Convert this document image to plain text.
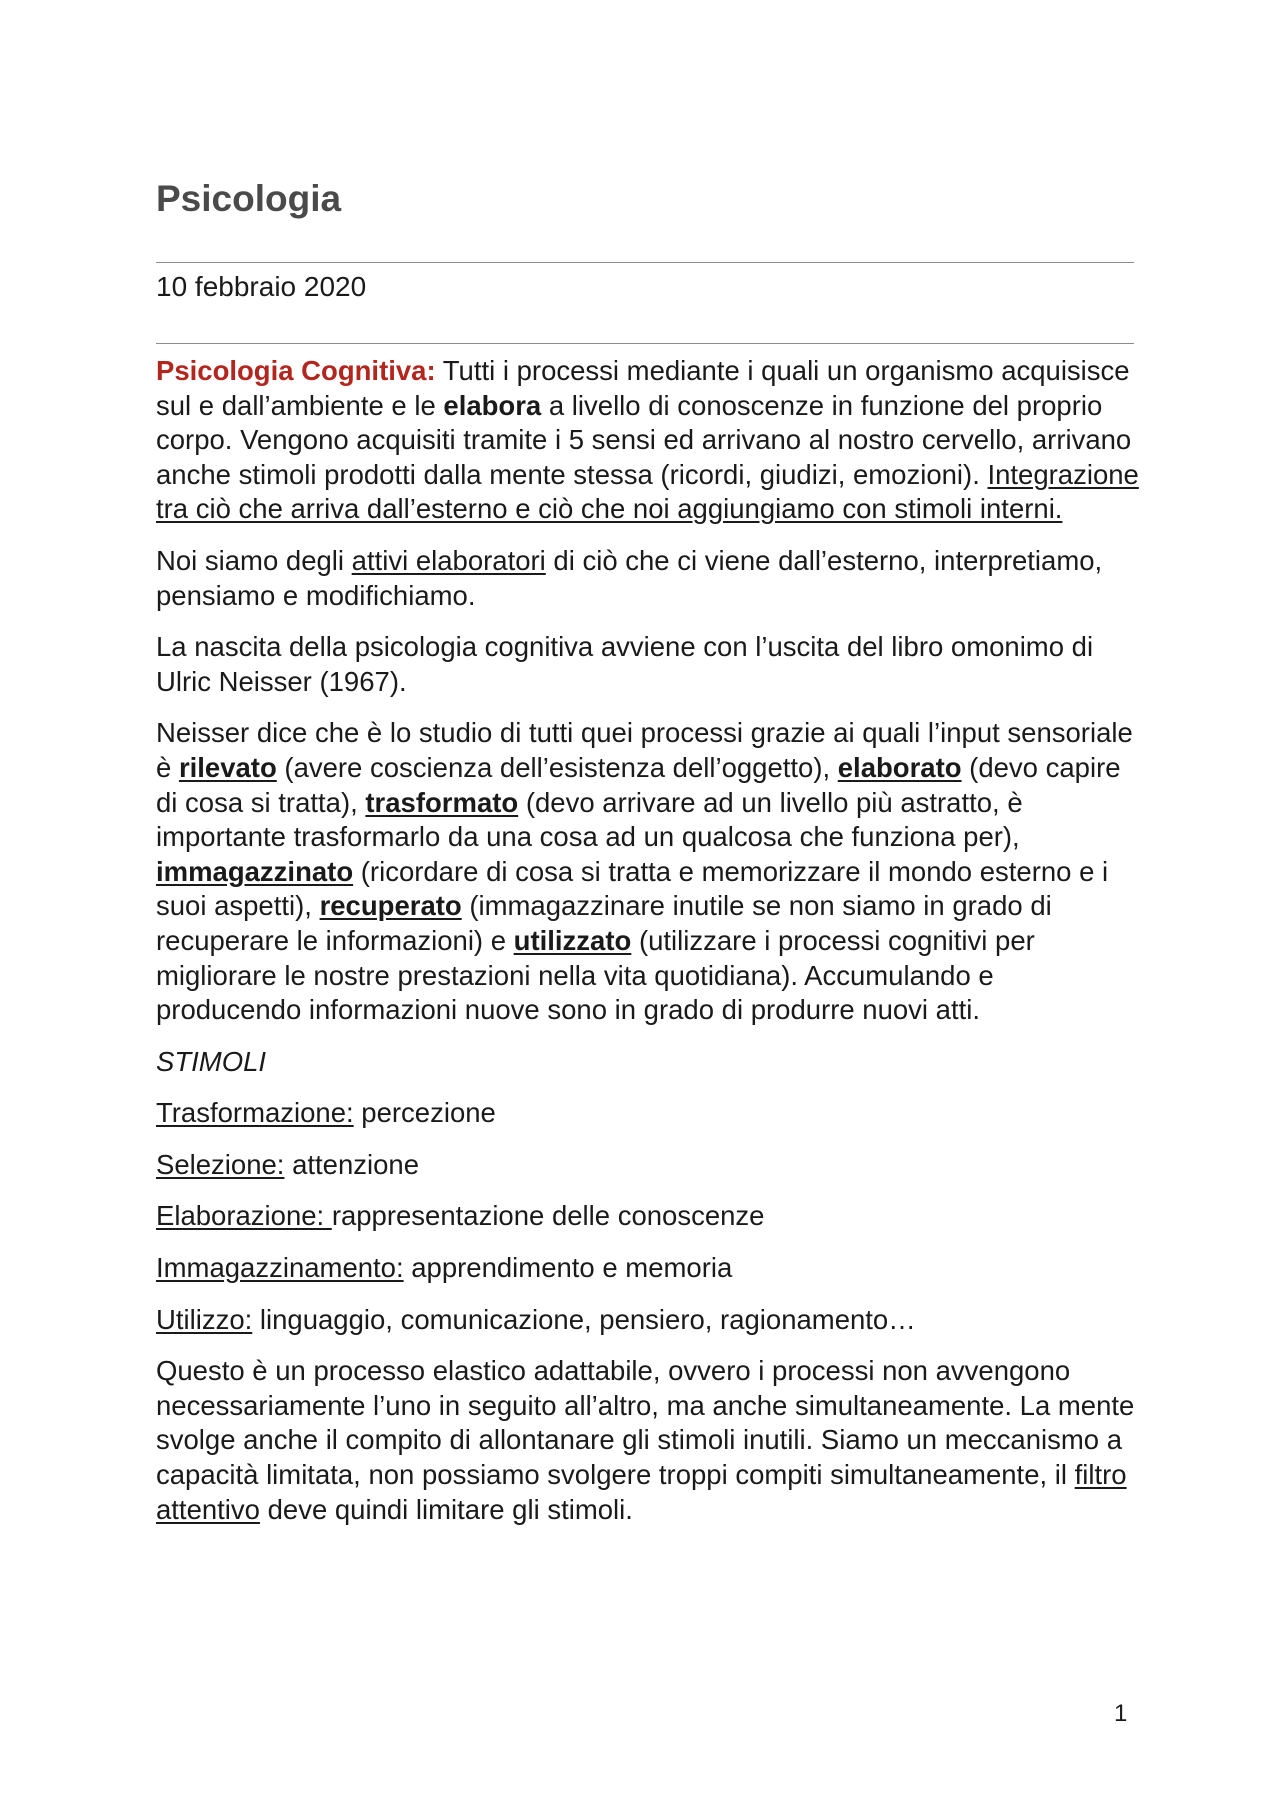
Psicologia
10 febbraio 2020

Psicologia Cognitiva: Tutti i processi mediante i quali un organismo acquisisce sul e dall’ambiente e le elabora a livello di conoscenze in funzione del proprio corpo. Vengono acquisiti tramite i 5 sensi ed arrivano al nostro cervello, arrivano anche stimoli prodotti dalla mente stessa (ricordi, giudizi, emozioni). Integrazione tra ciò che arriva dall’esterno e ciò che noi aggiungiamo con stimoli interni.

Noi siamo degli attivi elaboratori di ciò che ci viene dall’esterno, interpretiamo, pensiamo e modifichiamo.

La nascita della psicologia cognitiva avviene con l’uscita del libro omonimo di Ulric Neisser (1967).

Neisser dice che è lo studio di tutti quei processi grazie ai quali l’input sensoriale è rilevato (avere coscienza dell’esistenza dell’oggetto), elaborato (devo capire di cosa si tratta), trasformato (devo arrivare ad un livello più astratto, è importante trasformarlo da una cosa ad un qualcosa che funziona per), immagazzinato (ricordare di cosa si tratta e memorizzare il mondo esterno e i suoi aspetti), recuperato (immagazzinare inutile se non siamo in grado di recuperare le informazioni) e utilizzato (utilizzare i processi cognitivi per migliorare le nostre prestazioni nella vita quotidiana). Accumulando e producendo informazioni nuove sono in grado di produrre nuovi atti.

STIMOLI

Trasformazione: percezione

Selezione: attenzione

Elaborazione: rappresentazione delle conoscenze

Immagazzinamento: apprendimento e memoria

Utilizzo: linguaggio, comunicazione, pensiero, ragionamento…

Questo è un processo elastico adattabile, ovvero i processi non avvengono necessariamente l’uno in seguito all’altro, ma anche simultaneamente. La mente svolge anche il compito di allontanare gli stimoli inutili. Siamo un meccanismo a capacità limitata, non possiamo svolgere troppi compiti simultaneamente, il filtro attentivo deve quindi limitare gli stimoli.

1
